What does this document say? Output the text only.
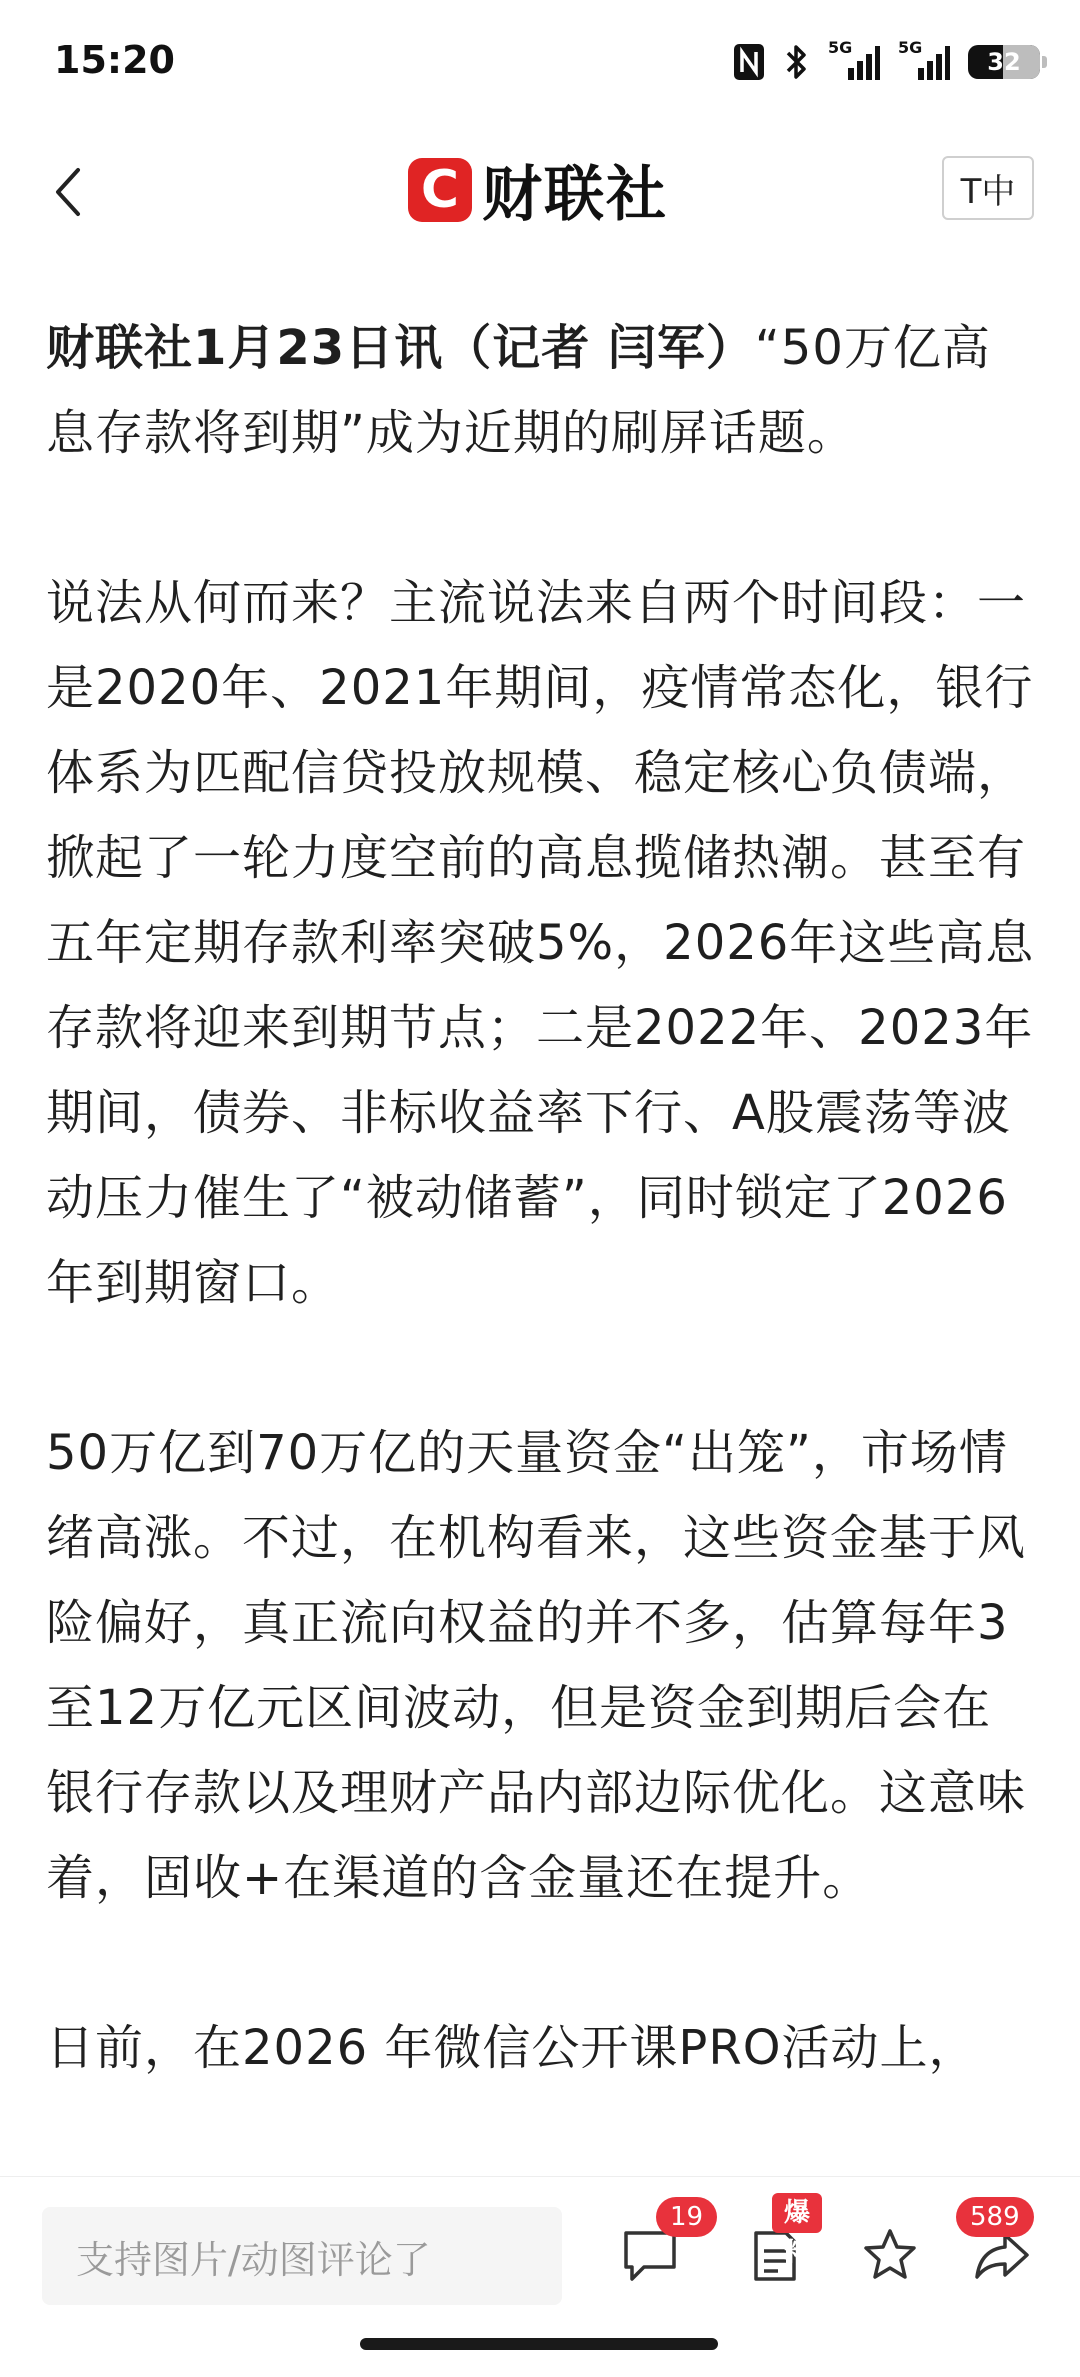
15:20	5G	5G
32
C 财联社	T中

财联社1月23日讯（记者 闫军）“50万亿高息存款将到期”成为近期的刷屏话题。

说法从何而来？主流说法来自两个时间段：一是2020年、2021年期间，疫情常态化，银行体系为匹配信贷投放规模、稳定核心负债端，掀起了一轮力度空前的高息揽储热潮。甚至有五年定期存款利率突破5%，2026年这些高息存款将迎来到期节点；二是2022年、2023年期间，债券、非标收益率下行、A股震荡等波动压力催生了“被动储蓄”，同时锁定了2026年到期窗口。

50万亿到70万亿的天量资金“出笼”，市场情绪高涨。不过，在机构看来，这些资金基于风险偏好，真正流向权益的并不多，估算每年3至12万亿元区间波动，但是资金到期后会在银行存款以及理财产品内部边际优化。这意味着，固收+在渠道的含金量还在提升。

日前，在2026 年微信公开课PRO活动上，

支持图片/动图评论了
19	爆料
589
